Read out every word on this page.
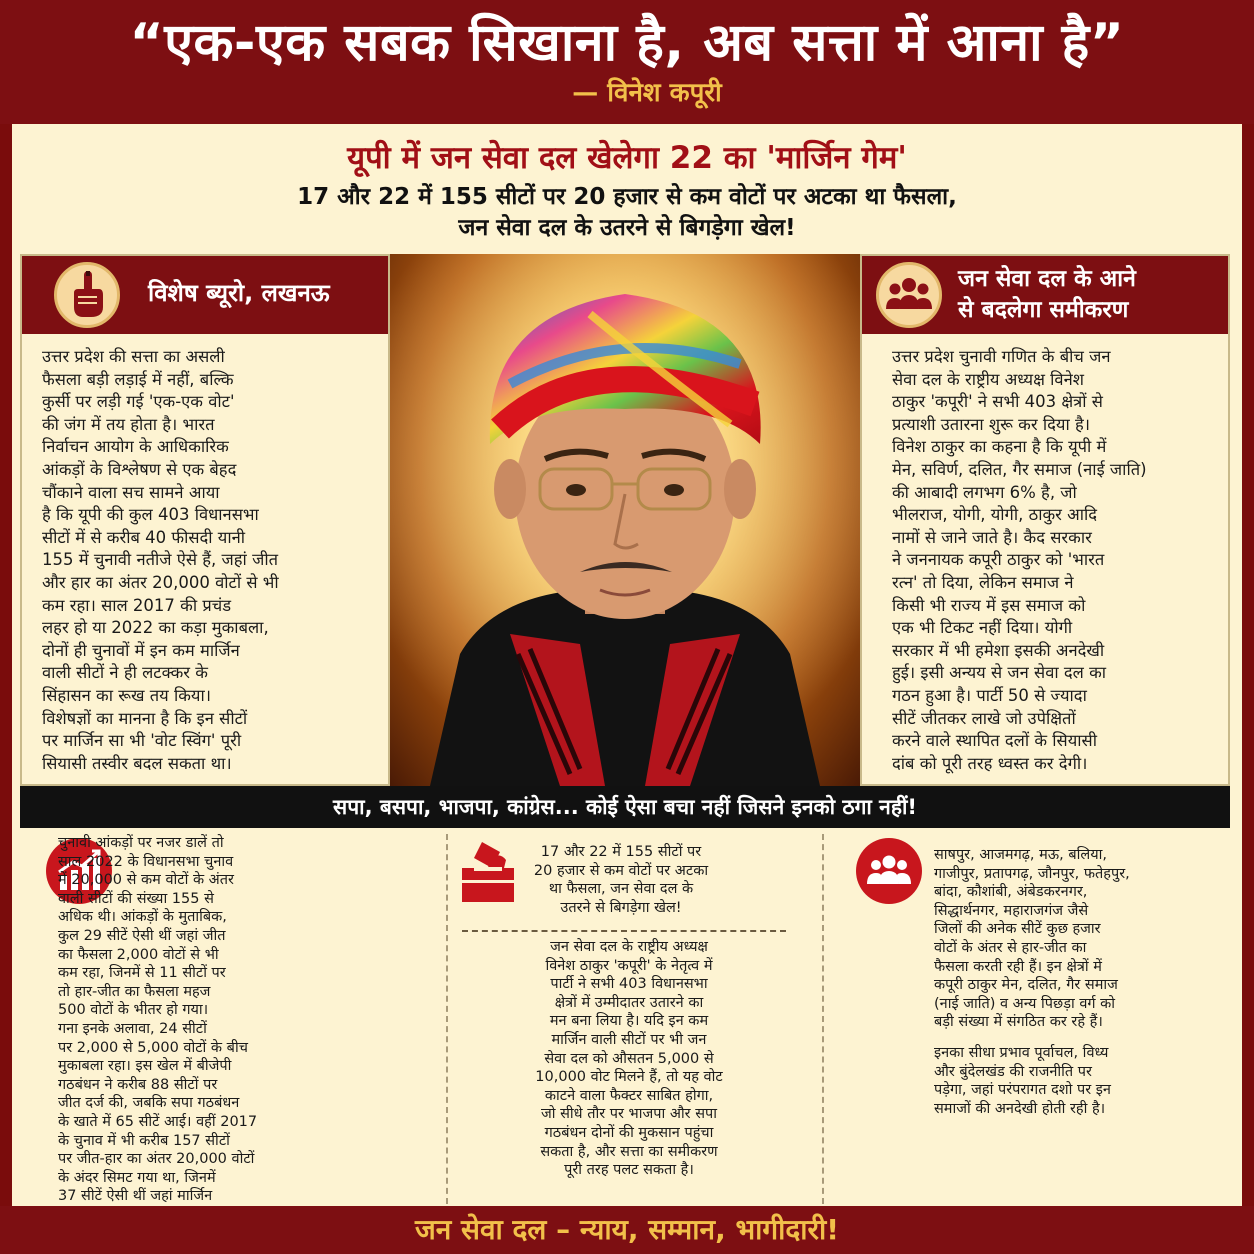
“एक-एक सबक सिखाना है, अब सत्ता में आना है”
— विनेश कपूरी
यूपी में जन सेवा दल खेलेगा 22 का 'मार्जिन गेम'
17 और 22 में 155 सीटों पर 20 हजार से कम वोटों पर अटका था फैसला,
जन सेवा दल के उतरने से बिगड़ेगा खेल!
विशेष ब्यूरो, लखनऊ
उत्तर प्रदेश की सत्ता का असली
फैसला बड़ी लड़ाई में नहीं, बल्कि
कुर्सी पर लड़ी गई 'एक-एक वोट'
की जंग में तय होता है। भारत
निर्वाचन आयोग के आधिकारिक
आंकड़ों के विश्लेषण से एक बेहद
चौंकाने वाला सच सामने आया
है कि यूपी की कुल 403 विधानसभा
सीटों में से करीब 40 फीसदी यानी
155 में चुनावी नतीजे ऐसे हैं, जहां जीत
और हार का अंतर 20,000 वोटों से भी
कम रहा। साल 2017 की प्रचंड
लहर हो या 2022 का कड़ा मुकाबला,
दोनों ही चुनावों में इन कम मार्जिन
वाली सीटों ने ही लटक्कर के
सिंहासन का रूख तय किया।
विशेषज्ञों का मानना है कि इन सीटों
पर मार्जिन सा भी 'वोट स्विंग' पूरी
सियासी तस्वीर बदल सकता था।
जन सेवा दल के आने
से बदलेगा समीकरण
उत्तर प्रदेश चुनावी गणित के बीच जन
सेवा दल के राष्ट्रीय अध्यक्ष विनेश
ठाकुर 'कपूरी' ने सभी 403 क्षेत्रों से
प्रत्याशी उतारना शुरू कर दिया है।
विनेश ठाकुर का कहना है कि यूपी में
मेन, सविर्ण, दलित, गैर समाज (नाई जाति)
की आबादी लगभग 6% है, जो
भीलराज, योगी, योगी, ठाकुर आदि
नामों से जाने जाते है। कैद सरकार
ने जननायक कपूरी ठाकुर को 'भारत
रत्न' तो दिया, लेकिन समाज ने
किसी भी राज्य में इस समाज को
एक भी टिकट नहीं दिया। योगी
सरकार में भी हमेशा इसकी अनदेखी
हुई। इसी अन्यय से जन सेवा दल का
गठन हुआ है। पार्टी 50 से ज्यादा
सीटें जीतकर लाखे जो उपेक्षितों
करने वाले स्थापित दलों के सियासी
दांब को पूरी तरह ध्वस्त कर देगी।
सपा, बसपा, भाजपा, कांग्रेस... कोई ऐसा बचा नहीं जिसने इनको ठगा नहीं!
चुनावी आंकड़ों पर नजर डालें तो
साल 2022 के विधानसभा चुनाव
में 20,000 से कम वोटों के अंतर
वाली सीटों की संख्या 155 से
अधिक थी। आंकड़ों के मुताबिक,
कुल 29 सीटें ऐसी थीं जहां जीत
का फैसला 2,000 वोटों से भी
कम रहा, जिनमें से 11 सीटों पर
तो हार-जीत का फैसला महज
500 वोटों के भीतर हो गया।
गना इनके अलावा, 24 सीटों
पर 2,000 से 5,000 वोटों के बीच
मुकाबला रहा। इस खेल में बीजेपी
गठबंधन ने करीब 88 सीटों पर
जीत दर्ज की, जबकि सपा गठबंधन
के खाते में 65 सीटें आई। वहीं 2017
के चुनाव में भी करीब 157 सीटों
पर जीत-हार का अंतर 20,000 वोटों
के अंदर सिमट गया था, जिनमें
37 सीटें ऐसी थीं जहां मार्जिन
17 और 22 में 155 सीटों पर
20 हजार से कम वोटों पर अटका
था फैसला, जन सेवा दल के
उतरने से बिगड़ेगा खेल!
जन सेवा दल के राष्ट्रीय अध्यक्ष
विनेश ठाकुर 'कपूरी' के नेतृत्व में
पार्टी ने सभी 403 विधानसभा
क्षेत्रों में उम्मीदातर उतारने का
मन बना लिया है। यदि इन कम
मार्जिन वाली सीटों पर भी जन
सेवा दल को औसतन 5,000 से
10,000 वोट मिलने हैं, तो यह वोट
काटने वाला फैक्टर साबित होगा,
जो सीधे तौर पर भाजपा और सपा
गठबंधन दोनों की मुकसान पहुंचा
सकता है, और सत्ता का समीकरण
पूरी तरह पलट सकता है।

साषपुर, आजमगढ़, मऊ, बलिया,
गाजीपुर, प्रतापगढ़, जौनपुर, फतेहपुर,
बांदा, कौशांबी, अंबेडकरनगर,
सिद्धार्थनगर, महाराजगंज जैसे
जिलों की अनेक सीटें कुछ हजार
वोटों के अंतर से हार-जीत का
फैसला करती रही हैं। इन क्षेत्रों में
कपूरी ठाकुर मेन, दलित, गैर समाज
(नाई जाति) व अन्य पिछड़ा वर्ग को
बड़ी संख्या में संगठित कर रहे हैं।

इनका सीधा प्रभाव पूर्वाचल, विध्य
और बुंदेलखंड की राजनीति पर
पड़ेगा, जहां परंपरागत दशो पर इन
समाजों की अनदेखी होती रही है।

जन सेवा दल – न्याय, सम्मान, भागीदारी!
